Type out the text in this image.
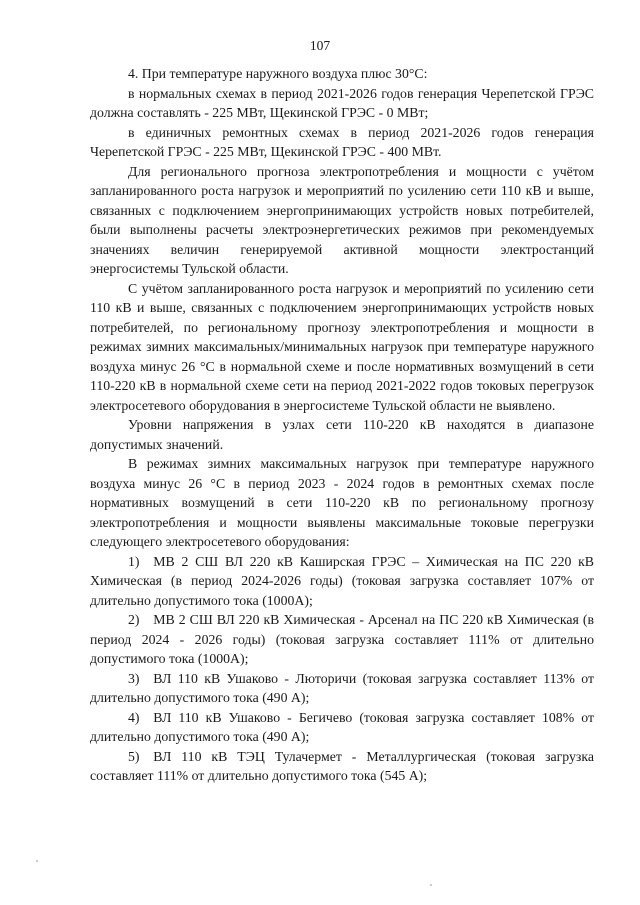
107

4. При температуре наружного воздуха плюс 30°С:

в нормальных схемах в период 2021-2026 годов генерация Черепетской ГРЭС должна составлять - 225 МВт, Щекинской ГРЭС - 0 МВт;

в единичных ремонтных схемах в период 2021-2026 годов генерация Черепетской ГРЭС - 225 МВт, Щекинской ГРЭС - 400 МВт.

Для регионального прогноза электропотребления и мощности с учётом запланированного роста нагрузок и мероприятий по усилению сети 110 кВ и выше, связанных с подключением энергопринимающих устройств новых потребителей, были выполнены расчеты электроэнергетических режимов при рекомендуемых значениях величин генерируемой активной мощности электростанций энергосистемы Тульской области.

С учётом запланированного роста нагрузок и мероприятий по усилению сети 110 кВ и выше, связанных с подключением энергопринимающих устройств новых потребителей, по региональному прогнозу электропотребления и мощности в режимах зимних максимальных/минимальных нагрузок при температуре наружного воздуха минус 26 °С в нормальной схеме и после нормативных возмущений в сети 110-220 кВ в нормальной схеме сети на период 2021-2022 годов токовых перегрузок электросетевого оборудования в энергосистеме Тульской области не выявлено.

Уровни напряжения в узлах сети 110-220 кВ находятся в диапазоне допустимых значений.

В режимах зимних максимальных нагрузок при температуре наружного воздуха минус 26 °С в период 2023 - 2024 годов в ремонтных схемах после нормативных возмущений в сети 110-220 кВ по региональному прогнозу электропотребления и мощности выявлены максимальные токовые перегрузки следующего электросетевого оборудования:

1) МВ 2 СШ ВЛ 220 кВ Каширская ГРЭС – Химическая на ПС 220 кВ Химическая (в период 2024-2026 годы) (токовая загрузка составляет 107% от длительно допустимого тока (1000А);

2) МВ 2 СШ ВЛ 220 кВ Химическая - Арсенал на ПС 220 кВ Химическая (в период 2024 - 2026 годы) (токовая загрузка составляет 111% от длительно допустимого тока (1000А);

3) ВЛ 110 кВ Ушаково - Люторичи (токовая загрузка составляет 113% от длительно допустимого тока (490 А);

4) ВЛ 110 кВ Ушаково - Бегичево (токовая загрузка составляет 108% от длительно допустимого тока (490 А);

5) ВЛ 110 кВ ТЭЦ Тулачермет - Металлургическая (токовая загрузка составляет 111% от длительно допустимого тока (545 А);
